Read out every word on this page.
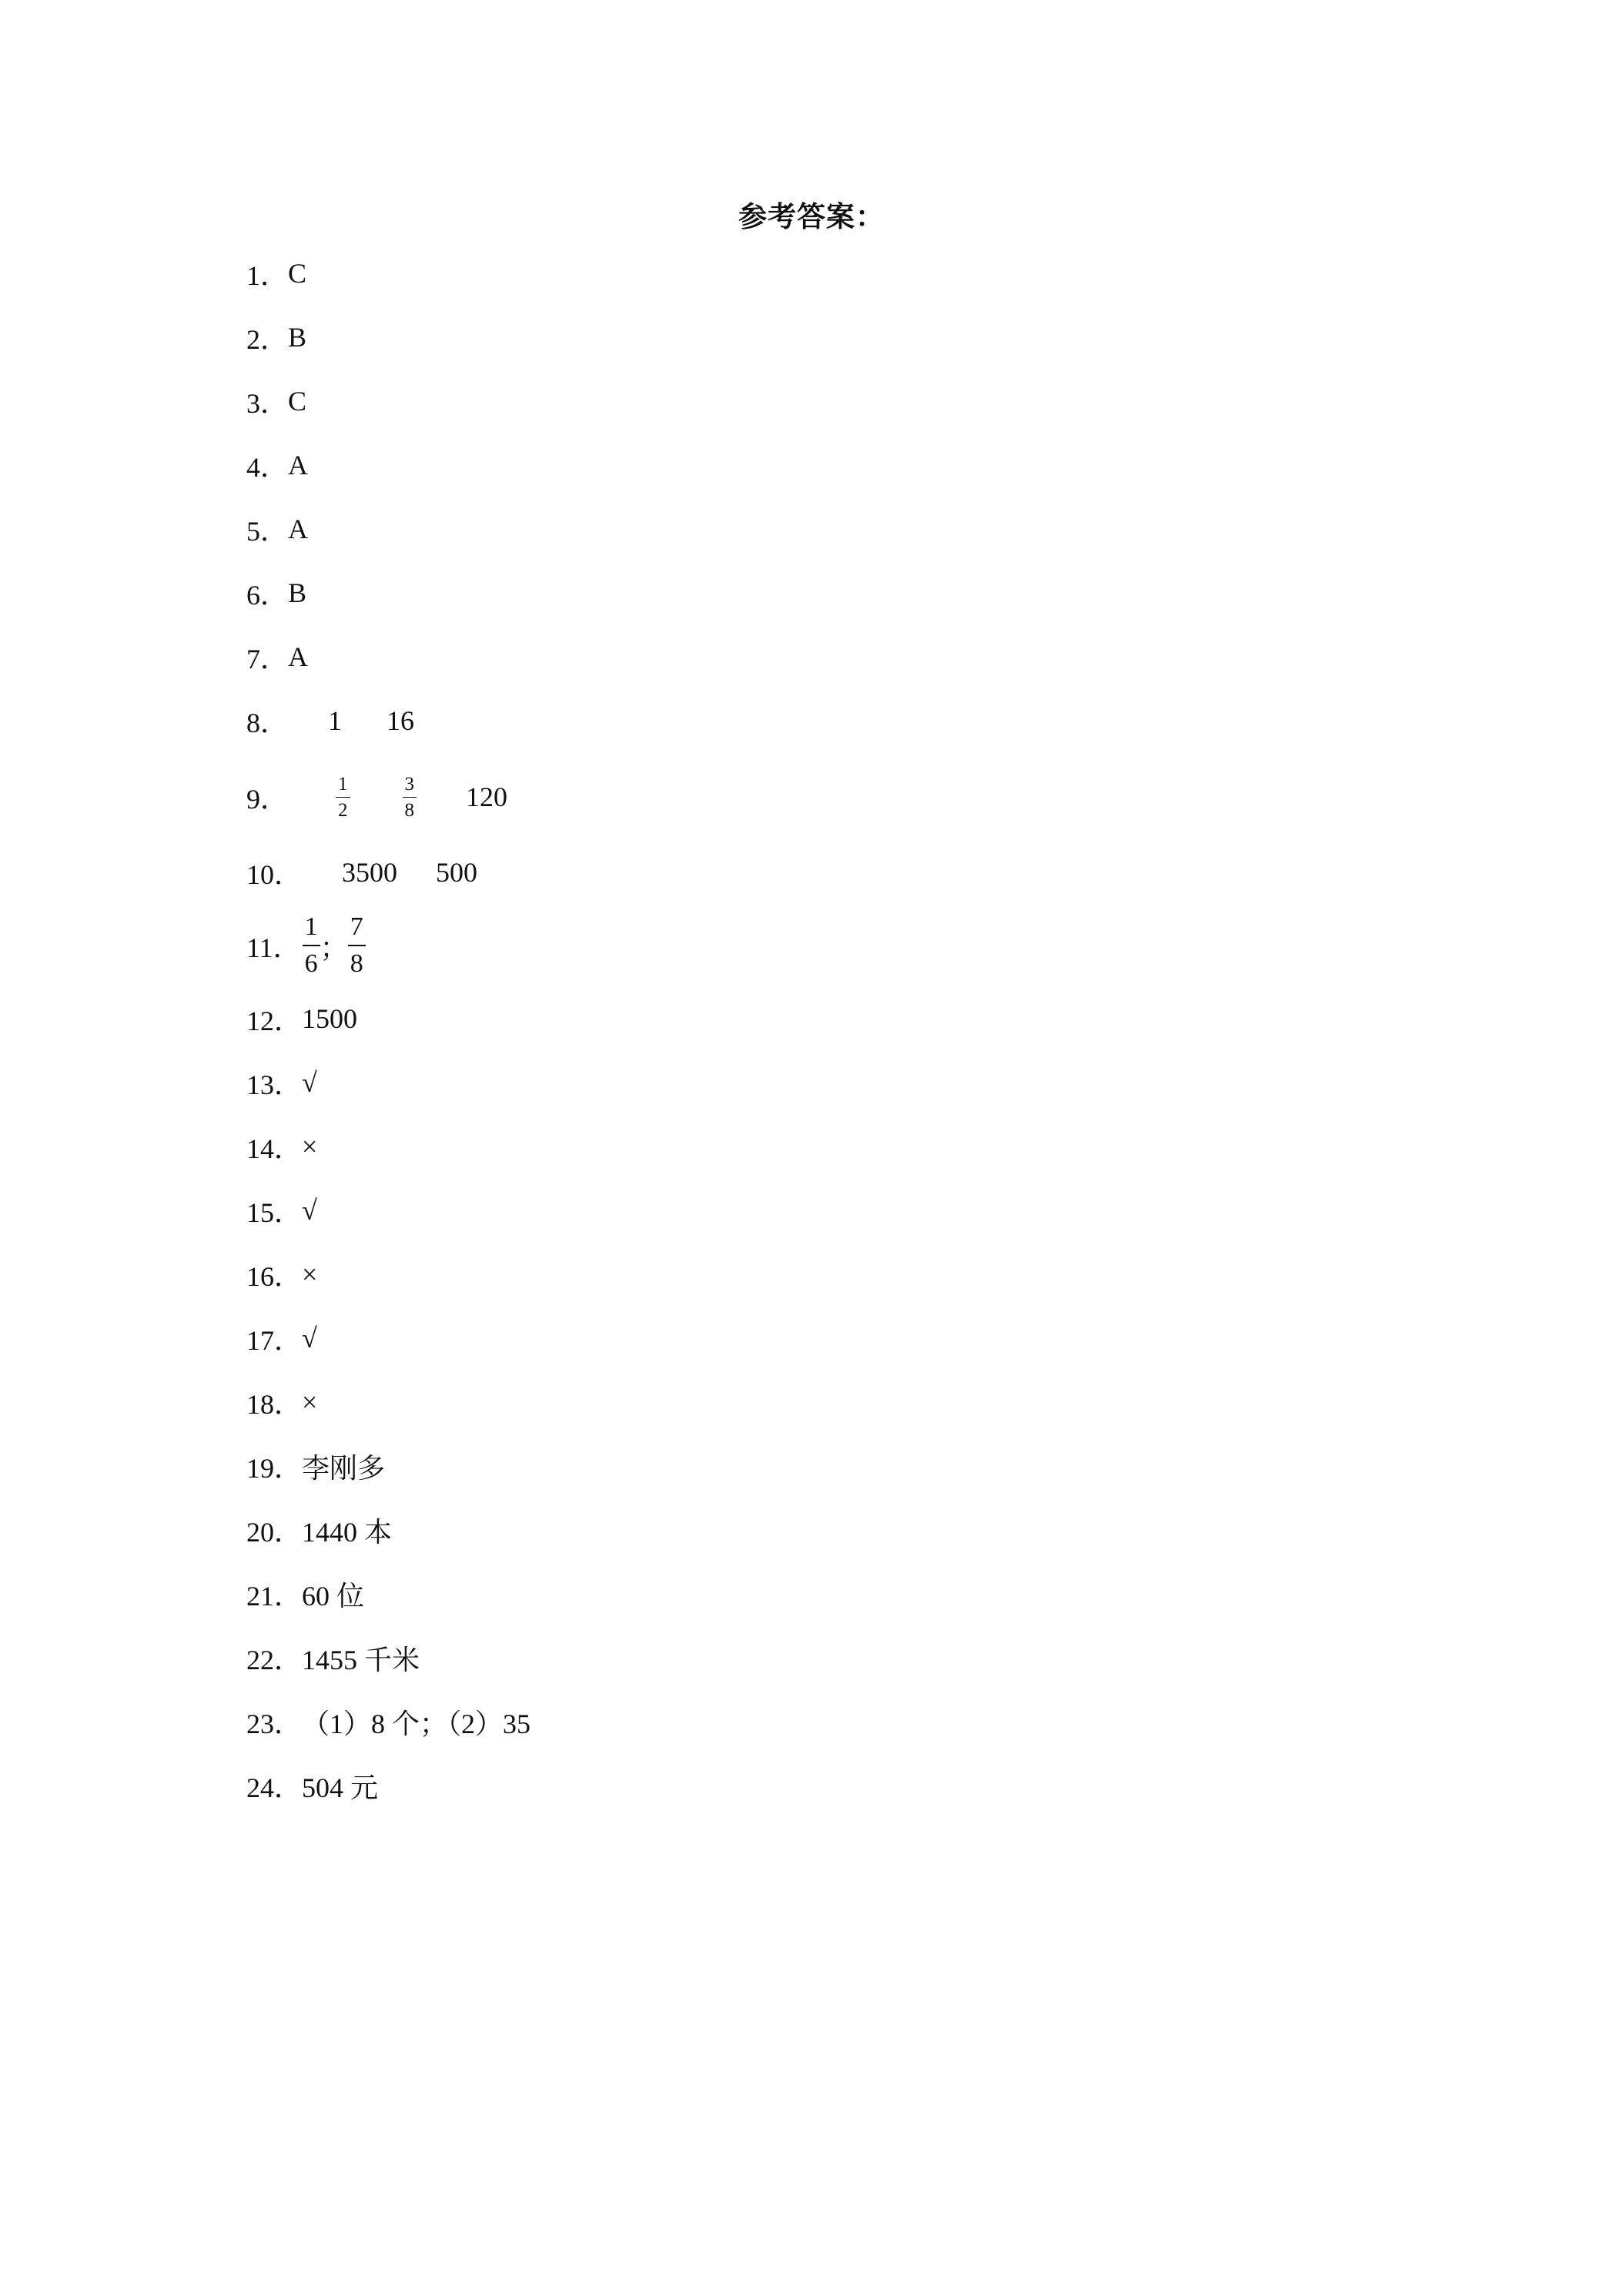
参考答案：
1． C
2． B
3． C
4． A
5． A
6． B
7． A
8． 1 16
9． $\frac{1}{2}$	$\frac{3}{8} 120$
10． 3500 500
11． $\frac{1}{6}$ ； $\frac{7}{8}$
12． 1500
13． √
14． ×
15． √
16． ×
17． √
18． ×
19． 李刚多
20． 1440 本
21． 60 位
22． 1455 千米
23． （1）8 个；（2）35
24． 504 元
